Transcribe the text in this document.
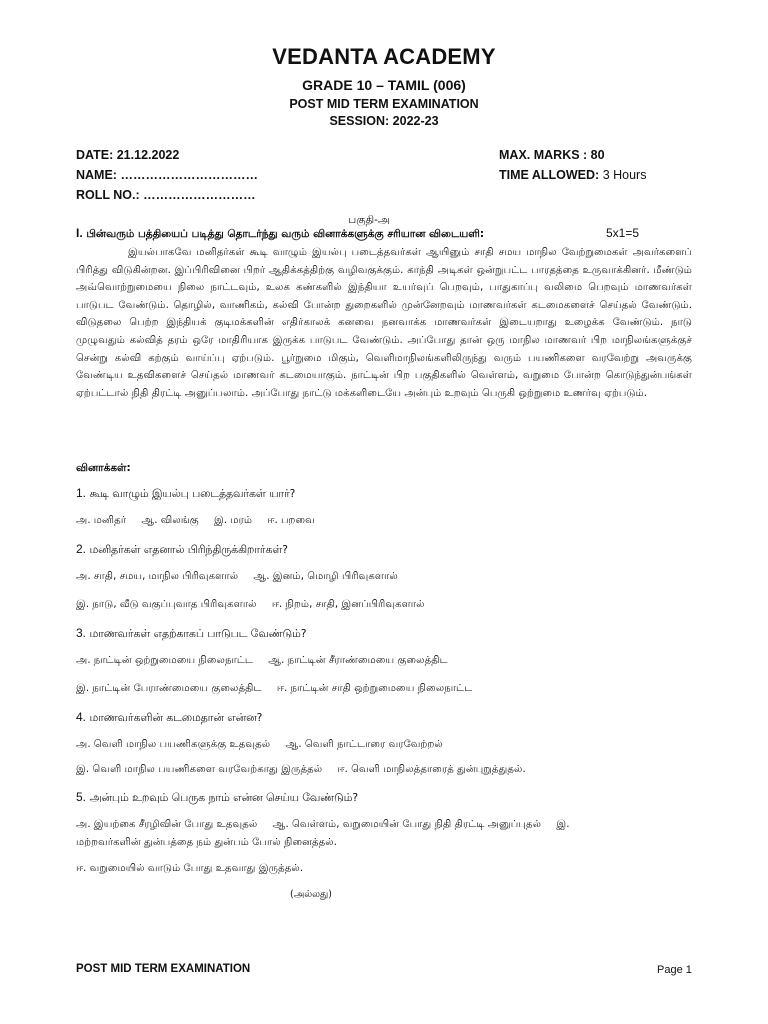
VEDANTA ACADEMY
GRADE 10 – TAMIL (006)
POST MID TERM EXAMINATION
SESSION: 2022-23
DATE: 21.12.2022
NAME: ……………………………
ROLL NO.: ………………………
MAX. MARKS : 80
TIME ALLOWED: 3 Hours
பகுதி-அ
I. பின்வரும் பத்தியைப் படித்து தொடர்ந்து வரும் வினாக்களுக்கு சரியான விடையளி:	5x1=5

இயல்பாகவே மனிதர்கள் கூடி வாழும் இயல்பு படைத்தவர்கள் ஆயினும் சாதி சமய மாநில வேற்றுமைகள் அவர்களைப் பிரித்து விடுகின்றன. இப்பிரிவினை பிறர் ஆதிக்கத்திற்கு வழிவகுக்கும். காந்தி அடிகள் ஒன்றுபட்ட பாரதத்தை உருவாக்கினர். மீண்டும் அவ்வொற்றுமையை நிலை நாட்டவும், உலக கண்களில் இந்தியா உயர்வுப் பெறவும், பாதுகாப்பு வலிமை பெறவும் மாணவர்கள் பாடுபட வேண்டும். தொழில், வாணிகம், கல்வி போன்ற துறைகளில் முன்னேறவும் மாணவர்கள் கடமைகளைச் செய்தல் வேண்டும். விடுதலை பெற்ற இந்தியக் குடிமக்களின் எதிர்காலக் கனவை நனவாக்க மாணவர்கள் இடையறாது உழைக்க வேண்டும். நாடு முழுவதும் கல்வித் தரம் ஒரே மாதிரியாக இருக்க பாடுபட வேண்டும். அப்போது தான் ஒரு மாநில மாணவர் பிற மாநிலங்களுக்குச் சென்று கல்வி கற்கும் வாய்ப்பு ஏற்படும். பூர்றுமை மிகும், வெளிமாநிலங்களிலிருந்து வரும் பயணிகளை வரவேற்று அவருக்கு வேண்டிய உதவிகளைச் செய்தல் மாணவர் கடமையாகும். நாட்டின் பிற பகுதிகளில் வெள்ளம், வறுமை போன்ற கொடுந்துன்பங்கள் ஏற்பட்டால் நிதி திரட்டி அனுப்பலாம். அப்போது நாட்டு மக்களிடையே அன்பும் உறவும் பெருகி ஒற்றுமை உணர்வு ஏற்படும்.

வினாக்கள்:
1. கூடி வாழும் இயல்பு படைத்தவர்கள் யார்?
அ. மனிதர் ஆ. விலங்கு இ. மரம் ஈ. பறவை
2. மனிதர்கள் எதனால் பிரிந்திருக்கிறார்கள்?
அ. சாதி, சமய, மாநில பிரிவுகளால் ஆ. இனம், மொழி பிரிவுகளால்
இ. நாடு, வீடு வகுப்புவாத பிரிவுகளால் ஈ. நிறம், சாதி, இனப்பிரிவுகளால்
3. மாணவர்கள் எதற்காகப் பாடுபட வேண்டும்?
அ. நாட்டின் ஒற்றுமையை நிலைநாட்ட ஆ. நாட்டின் சீராண்மையை குலைத்திட
இ. நாட்டின் பேராண்மையை குலைத்திட ஈ. நாட்டின் சாதி ஒற்றுமையை நிலைநாட்ட
4. மாணவர்களின் கடமைதான் என்ன?
அ. வெளி மாநில பயணிகளுக்கு உதவுதல் ஆ. வெளி நாட்டாரை வரவேற்றல்
இ. வெளி மாநில பயணிகளை வரவேற்காது இருத்தல் ஈ. வெளி மாநிலத்தாரைத் துன்புறுத்துதல்.
5. அன்பும் உறவும் பெருக நாம் என்ன செய்ய வேண்டும்?
அ. இயற்கை சீரழிவின் போது உதவுதல் ஆ. வெள்ளம், வறுமையின் போது நிதி திரட்டி அனுப்புதல் இ.
மற்றவர்களின் துன்பத்தை நம் துன்பம் போல் நினைத்தல்.
ஈ. வறுமையில் வாடும் போது உதவாது இருத்தல்.
(அல்லது)
POST MID TERM EXAMINATION	Page 1
